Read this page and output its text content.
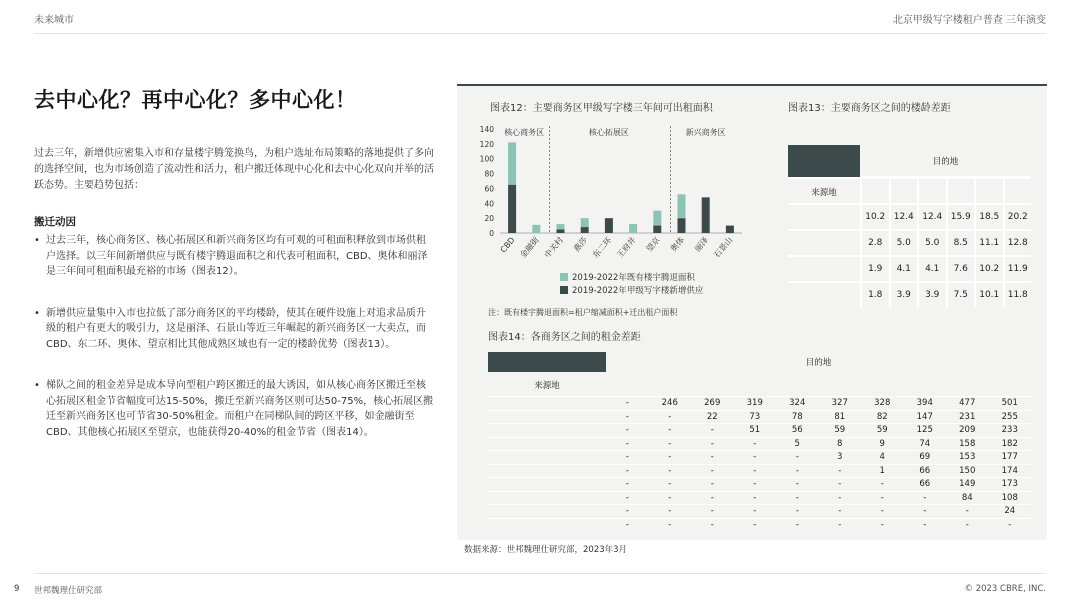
未来城市	北京甲级写字楼租户普查 三年演变
去中心化？再中心化？多中心化！

过去三年，新增供应密集入市和存量楼宇腾笼换鸟，为租户选址布局策略的落地提供了多向的选择空间，也为市场创造了流动性和活力，租户搬迁体现中心化和去中心化双向并举的活跃态势。主要趋势包括：

搬迁动因
• 过去三年，核心商务区、核心拓展区和新兴商务区均有可观的可租面积释放到市场供租户选择。以三年间新增供应与既有楼宇腾退面积之和代表可租面积，CBD、奥体和丽泽是三年间可租面积最充裕的市场（图表12）。
• 新增供应量集中入市也拉低了部分商务区的平均楼龄，使其在硬件设施上对追求品质升级的租户有更大的吸引力，这是丽泽、石景山等近三年崛起的新兴商务区一大卖点，而CBD、东二环、奥体、望京相比其他成熟区域也有一定的楼龄优势（图表13）。
• 梯队之间的租金差异是成本导向型租户跨区搬迁的最大诱因，如从核心商务区搬迁至核心拓展区租金节省幅度可达15-50%，搬迁至新兴商务区则可达50-75%，核心拓展区搬迁至新兴商务区也可节省30-50%租金。而租户在同梯队间的跨区平移，如金融街至CBD、其他核心拓展区至望京，也能获得20-40%的租金节省（图表14）。
图表12：主要商务区甲级写字楼三年间可出租面积	图表13：主要商务区之间的楼龄差距
0
20
40
60
80
100
120
140 核心商务区	核心拓展区	新兴商务区
CBD 金融街 中关村 燕莎 东二环 王府井 望京 奥体 丽泽 石景山
2019-2022年既有楼宇腾退面积
2019-2022年甲级写字楼新增供应
注：既有楼宇腾退面积=租户缩减面积+迁出租户面积
目的地
来源地
10.2 12.4 12.4 15.9 18.5 20.2
2.8	5.0	5.0	8.5	11.1 12.8
1.9	4.1	4.1	7.6	10.2 11.9
1.8	3.9	3.9	7.5	10.1 11.8
图表14：各商务区之间的租金差距
目的地
来源地
-	246	269	319	324	327	328	394	477	501
-	-	22	73	78	81	82	147	231	255
-	-	-	51	56	59	59	125	209	233
-	-	-	-	5	8	9	74	158	182
-	-	-	-	-	3	4	69	153	177
-	-	-	-	-	-	1	66	150	174
-	-	-	-	-	-	-	66	149	173
-	-	-	-	-	-	-	-	84	108
-	-	-	-	-	-	-	-	-	24
-	-	-	-	-	-	-	-	-	-
数据来源：世邦魏理仕研究部，2023年3月
9 世邦魏理仕研究部	© 2023 CBRE, INC.
